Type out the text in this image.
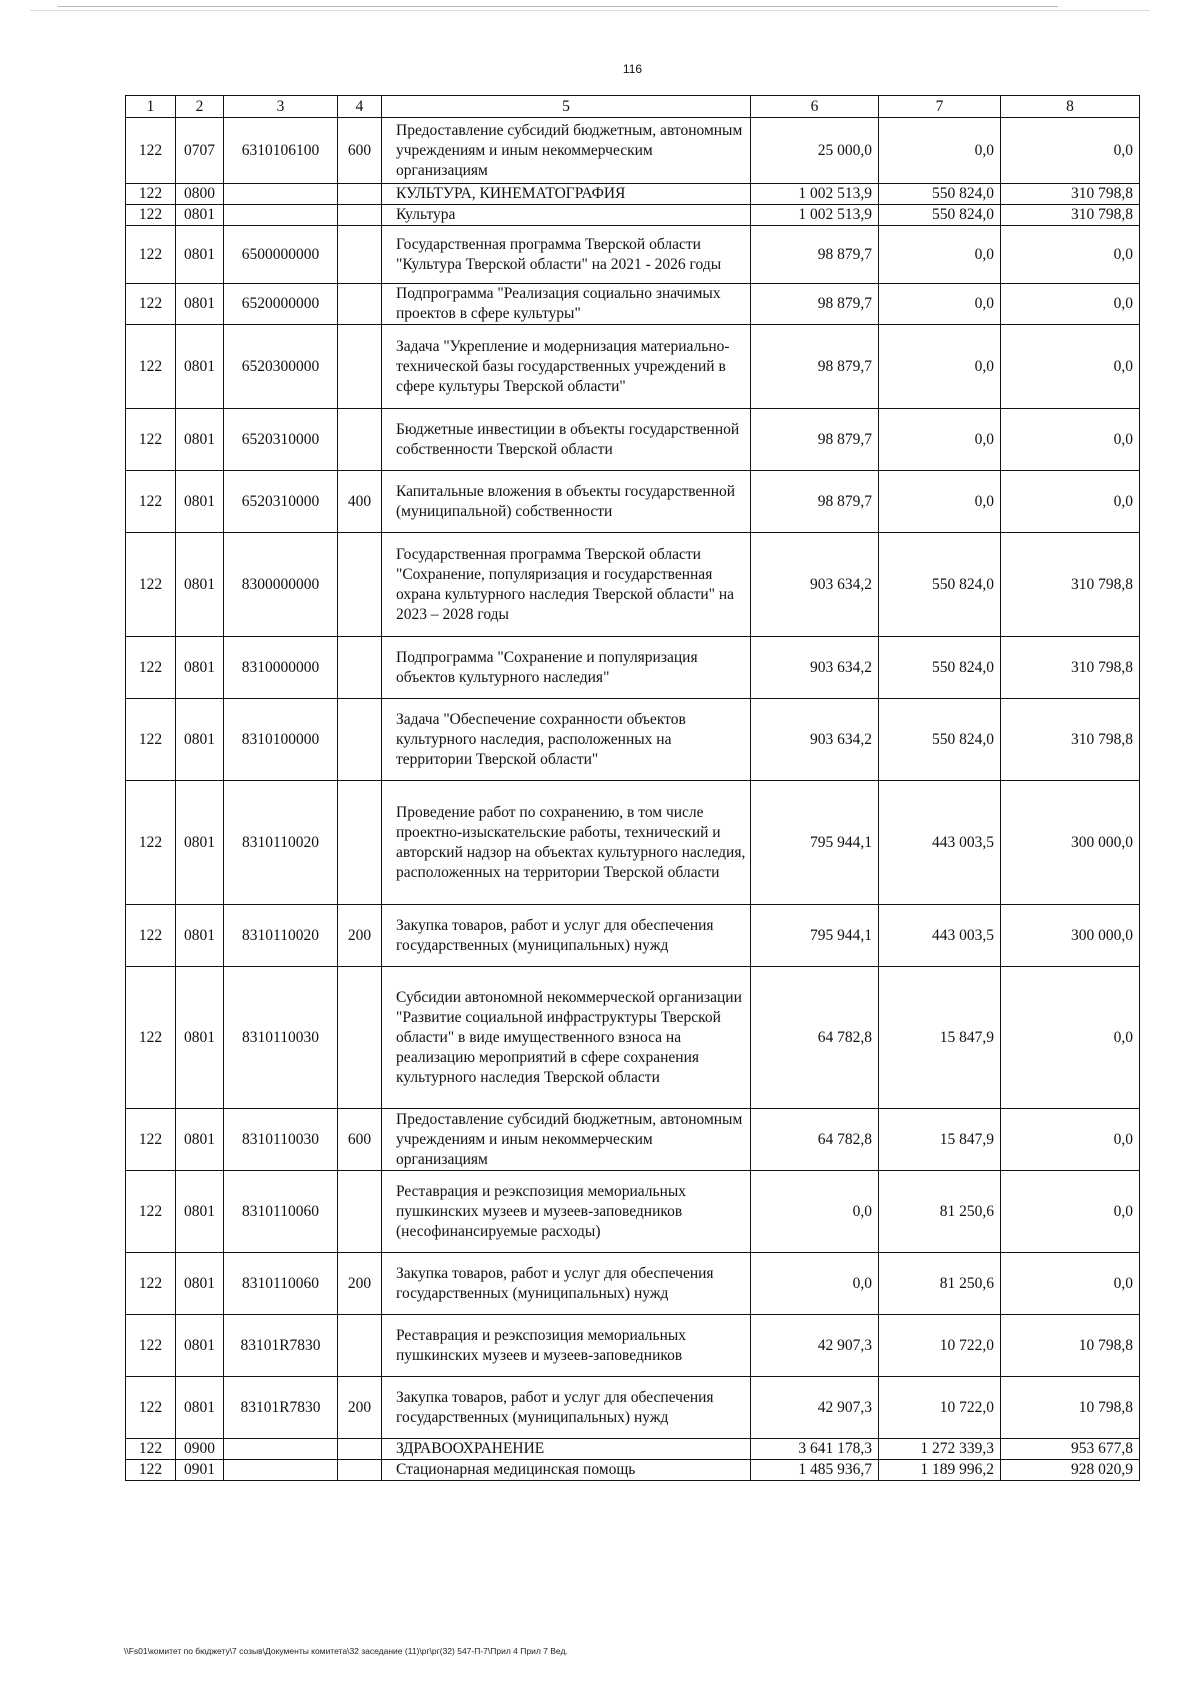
116
1	2	3	4	5	6	7	8
122	0707	6310106100	600	Предоставление субсидий бюджетным, автономным учреждениям и иным некоммерческим организациям	25 000,0	0,0	0,0
122	0800			КУЛЬТУРА, КИНЕМАТОГРАФИЯ	1 002 513,9	550 824,0	310 798,8
122	0801			Культура	1 002 513,9	550 824,0	310 798,8
122	0801	6500000000		Государственная программа Тверской области "Культура Тверской области" на 2021 - 2026 годы	98 879,7	0,0	0,0
122	0801	6520000000		Подпрограмма "Реализация социально значимых проектов в сфере культуры"	98 879,7	0,0	0,0
122	0801	6520300000		Задача "Укрепление и модернизация материально-технической базы государственных учреждений в сфере культуры Тверской области"	98 879,7	0,0	0,0
122	0801	6520310000		Бюджетные инвестиции в объекты государственной собственности Тверской области	98 879,7	0,0	0,0
122	0801	6520310000	400	Капитальные вложения в объекты государственной (муниципальной) собственности	98 879,7	0,0	0,0
122	0801	8300000000		Государственная программа Тверской области "Сохранение, популяризация и государственная охрана культурного наследия Тверской области" на 2023 – 2028 годы	903 634,2	550 824,0	310 798,8
122	0801	8310000000		Подпрограмма "Сохранение и популяризация объектов культурного наследия"	903 634,2	550 824,0	310 798,8
122	0801	8310100000		Задача "Обеспечение сохранности объектов культурного наследия, расположенных на территории Тверской области"	903 634,2	550 824,0	310 798,8
122	0801	8310110020		Проведение работ по сохранению, в том числе проектно-изыскательские работы, технический и авторский надзор на объектах культурного наследия, расположенных на территории Тверской области	795 944,1	443 003,5	300 000,0
122	0801	8310110020	200	Закупка товаров, работ и услуг для обеспечения государственных (муниципальных) нужд	795 944,1	443 003,5	300 000,0
122	0801	8310110030		Субсидии автономной некоммерческой организации "Развитие социальной инфраструктуры Тверской области" в виде имущественного взноса на реализацию мероприятий в сфере сохранения культурного наследия Тверской области	64 782,8	15 847,9	0,0
122	0801	8310110030	600	Предоставление субсидий бюджетным, автономным учреждениям и иным некоммерческим организациям	64 782,8	15 847,9	0,0
122	0801	8310110060		Реставрация и реэкспозиция мемориальных пушкинских музеев и музеев-заповедников (несофинансируемые расходы)	0,0	81 250,6	0,0
122	0801	8310110060	200	Закупка товаров, работ и услуг для обеспечения государственных (муниципальных) нужд	0,0	81 250,6	0,0
122	0801	83101R7830		Реставрация и реэкспозиция мемориальных пушкинских музеев и музеев-заповедников	42 907,3	10 722,0	10 798,8
122	0801	83101R7830	200	Закупка товаров, работ и услуг для обеспечения государственных (муниципальных) нужд	42 907,3	10 722,0	10 798,8
122	0900			ЗДРАВООХРАНЕНИЕ	3 641 178,3	1 272 339,3	953 677,8
122	0901			Стационарная медицинская помощь	1 485 936,7	1 189 996,2	928 020,9
\\Fs01\комитет по бюджету\7 созыв\Документы комитета\32 заседание (11)\рг\рг(32) 547-П-7\Прил 4 Прил 7 Вед.
